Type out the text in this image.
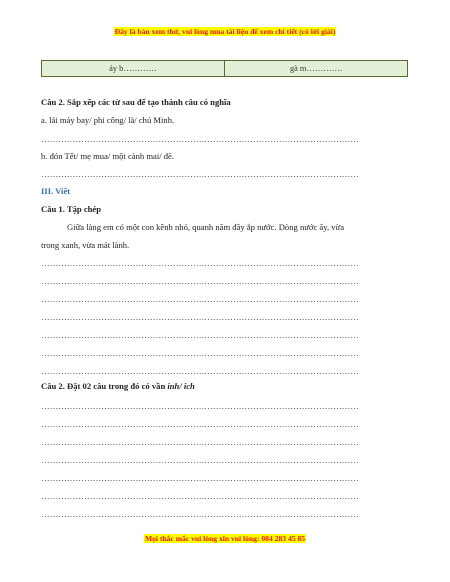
Đây là bản xem thử, vui lòng mua tài liệu để xem chi tiết (có lời giải)
áy b…………	gà m………….
Câu 2. Sắp xếp các từ sau để tạo thành câu có nghĩa
a. lái máy bay/ phi công/ là/ chú Minh.
…………………………………………………………………………………………………
b. đón Tết/ mẹ mua/ một cành mai/ đẽ.
…………………………………………………………………………………………………
III. Viết
Câu 1. Tập chép
Giữa làng em có một con kênh nhỏ, quanh năm đầy ắp nước. Dòng nước ấy, vừa
trong xanh, vừa mát lành.
…………………………………………………………………………………………………
…………………………………………………………………………………………………
…………………………………………………………………………………………………
…………………………………………………………………………………………………
…………………………………………………………………………………………………
…………………………………………………………………………………………………
…………………………………………………………………………………………………
Câu 2. Đặt 02 câu trong đó có vần inh/ ich
…………………………………………………………………………………………………
…………………………………………………………………………………………………
…………………………………………………………………………………………………
…………………………………………………………………………………………………
…………………………………………………………………………………………………
…………………………………………………………………………………………………
…………………………………………………………………………………………………
Mọi thắc mắc vui lòng xin vui lòng: 084 283 45 85
